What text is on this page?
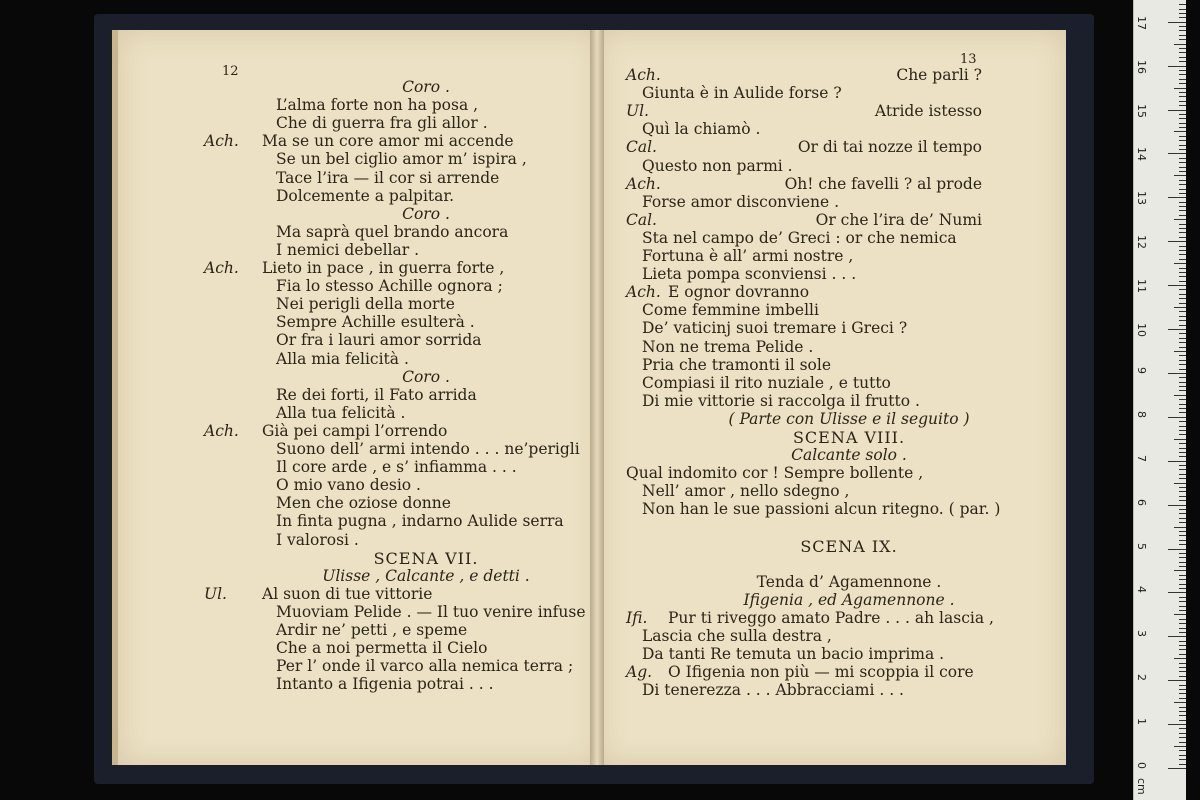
12
Coro .
L’alma forte non ha posa ,
Che di guerra fra gli allor .
Ach. Ma se un core amor mi accende
Se un bel ciglio amor m’ ispira ,
Tace l’ira — il cor si arrende
Dolcemente a palpitar.
Coro .
Ma saprà quel brando ancora
I nemici debellar .
Ach. Lieto in pace , in guerra forte ,
Fia lo stesso Achille ognora ;
Nei perigli della morte
Sempre Achille esulterà .
Or fra i lauri amor sorrida
Alla mia felicità .
Coro .
Re dei forti, il Fato arrida
Alla tua felicità .
Ach. Già pei campi l’orrendo
Suono dell’ armi intendo . . . ne’perigli
Il core arde , e s’ infiamma . . .
O mio vano desio .
Men che oziose donne
In finta pugna , indarno Aulide serra
I valorosi .
SCENA VII.
Ulisse , Calcante , e detti .
Ul. Al suon di tue vittorie
Muoviam Pelide . — Il tuo venire infuse
Ardir ne’ petti , e speme
Che a noi permetta il Cielo
Per l’ onde il varco alla nemica terra ;
Intanto a Ifigenia potrai . . .
13
Ach.	Che parli ?
Giunta è in Aulide forse ?
Ul.	Atride istesso
Quì la chiamò .
Cal.	Or di tai nozze il tempo
Questo non parmi .
Ach.	Oh! che favelli ? al prode
Forse amor disconviene .
Cal.	Or che l’ira de’ Numi
Sta nel campo de’ Greci : or che nemica
Fortuna è all’ armi nostre ,
Lieta pompa sconviensi . . .
Ach. E ognor dovranno
Come femmine imbelli
De’ vaticinj suoi tremare i Greci ?
Non ne trema Pelide .
Pria che tramonti il sole
Compiasi il rito nuziale , e tutto
Di mie vittorie si raccolga il frutto .
( Parte con Ulisse e il seguito )
SCENA VIII.
Calcante solo .
Qual indomito cor ! Sempre bollente ,
Nell’ amor , nello sdegno ,
Non han le sue passioni alcun ritegno. ( par. )
SCENA IX.
Tenda d’ Agamennone .
Ifigenia , ed Agamennone .
Ifi. Pur ti riveggo amato Padre . . . ah lascia ,
Lascia che sulla destra ,
Da tanti Re temuta un bacio imprima .
Ag. O Ifigenia non più — mi scoppia il core
Di tenerezza . . . Abbracciami . . .
0
1
2
3
4
5
6
7
8
9
10
11
12
13
14
15
16
17
cm
